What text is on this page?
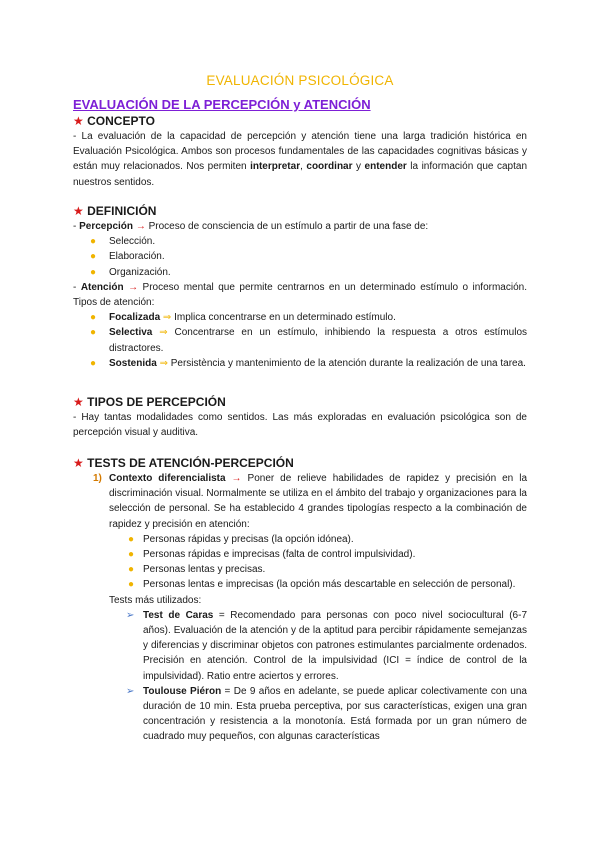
EVALUACIÓN PSICOLÓGICA
EVALUACIÓN DE LA PERCEPCIÓN y ATENCIÓN
★ CONCEPTO

- La evaluación de la capacidad de percepción y atención tiene una larga tradición histórica en Evaluación Psicológica. Ambos son procesos fundamentales de las capacidades cognitivas básicas y están muy relacionados. Nos permiten interpretar, coordinar y entender la información que captan nuestros sentidos.

★ DEFINICIÓN

- Percepción → Proceso de consciencia de un estímulo a partir de una fase de:

● Selección.
● Elaboración.
● Organización.

- Atención → Proceso mental que permite centrarnos en un determinado estímulo o información. Tipos de atención:

● Focalizada ⇒ Implica concentrarse en un determinado estímulo.
● Selectiva ⇒ Concentrarse en un estímulo, inhibiendo la respuesta a otros estímulos distractores.
● Sostenida ⇒ Persistència y mantenimiento de la atención durante la realización de una tarea.
★ TIPOS DE PERCEPCIÓN

- Hay tantas modalidades como sentidos. Las más exploradas en evaluación psicológica son de percepción visual y auditiva.

★ TESTS DE ATENCIÓN-PERCEPCIÓN
1) Contexto diferencialista → Poner de relieve habilidades de rapidez y precisión en la discriminación visual. Normalmente se utiliza en el ámbito del trabajo y organizaciones para la selección de personal. Se ha establecido 4 grandes tipologías respecto a la combinación de rapidez y precisión en atención:

● Personas rápidas y precisas (la opción idónea).
● Personas rápidas e imprecisas (falta de control impulsividad).
● Personas lentas y precisas.
● Personas lentas e imprecisas (la opción más descartable en selección de personal).
Tests más utilizados:
➢ Test de Caras = Recomendado para personas con poco nivel sociocultural (6-7 años). Evaluación de la atención y de la aptitud para percibir rápidamente semejanzas y diferencias y discriminar objetos con patrones estimulantes parcialmente ordenados. Precisión en atención. Control de la impulsividad (ICI = índice de control de la impulsividad). Ratio entre aciertos y errores.
➢ Toulouse Piéron = De 9 años en adelante, se puede aplicar colectivamente con una duración de 10 min. Esta prueba perceptiva, por sus características, exigen una gran concentración y resistencia a la monotonía. Está formada por un gran número de cuadrado muy pequeños, con algunas características
